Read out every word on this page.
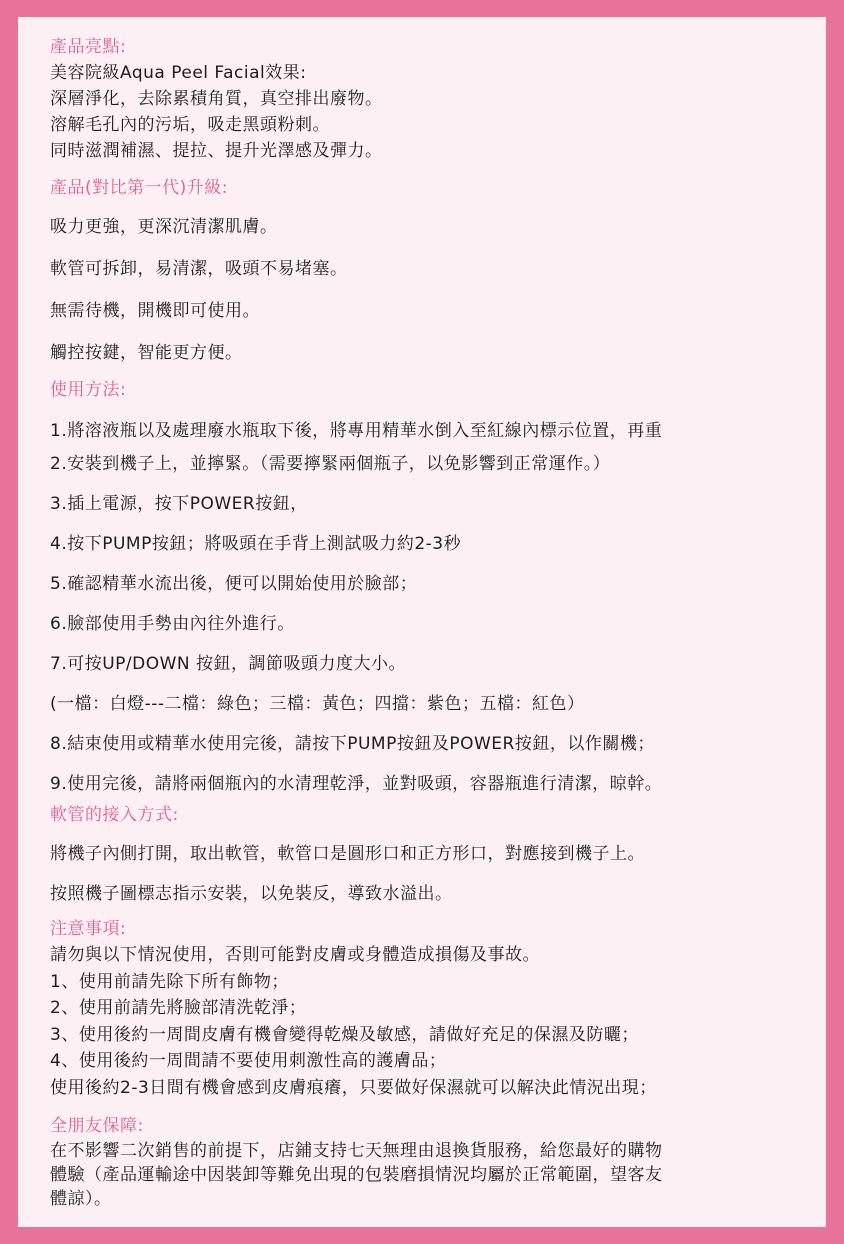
產品亮點:
美容院級Aqua Peel Facial效果:
深層淨化，去除累積角質，真空排出廢物。
溶解毛孔內的污垢，吸走黑頭粉刺。
同時滋潤補濕、提拉、提升光澤感及彈力。
產品(對比第一代)升級:
吸力更強，更深沉清潔肌膚。
軟管可拆卸，易清潔，吸頭不易堵塞。
無需待機，開機即可使用。
觸控按鍵，智能更方便。
使用方法:
1.將溶液瓶以及處理廢水瓶取下後，將專用精華水倒入至紅線內標示位置，再重
2.安裝到機子上，並擰緊。（需要擰緊兩個瓶子，以免影響到正常運作。）
3.插上電源，按下POWER按鈕，
4.按下PUMP按鈕；將吸頭在手背上測試吸力約2-3秒
5.確認精華水流出後，便可以開始使用於臉部；
6.臉部使用手勢由內往外進行。
7.可按UP/DOWN 按鈕，調節吸頭力度大小。
(一檔：白燈---二檔：綠色；三檔：黃色；四擋：紫色；五檔：紅色）
8.結束使用或精華水使用完後，請按下PUMP按鈕及POWER按鈕，以作關機；
9.使用完後，請將兩個瓶內的水清理乾淨，並對吸頭，容器瓶進行清潔，晾幹。
軟管的接入方式:
將機子內側打開，取出軟管，軟管口是圓形口和正方形口，對應接到機子上。
按照機子圖標志指示安裝，以免裝反，導致水溢出。
注意事項:
請勿與以下情況使用，否則可能對皮膚或身體造成損傷及事故。
1、使用前請先除下所有飾物；
2、使用前請先將臉部清洗乾淨；
3、使用後約一周間皮膚有機會變得乾燥及敏感，請做好充足的保濕及防曬；
4、使用後約一周間請不要使用刺激性高的護膚品；
使用後約2-3日間有機會感到皮膚痕癢，只要做好保濕就可以解決此情況出現；
全朋友保障:
在不影響二次銷售的前提下，店鋪支持七天無理由退換貨服務，給您最好的購物
體驗（產品運輸途中因裝卸等難免出現的包裝磨損情況均屬於正常範圍，望客友
體諒）。
